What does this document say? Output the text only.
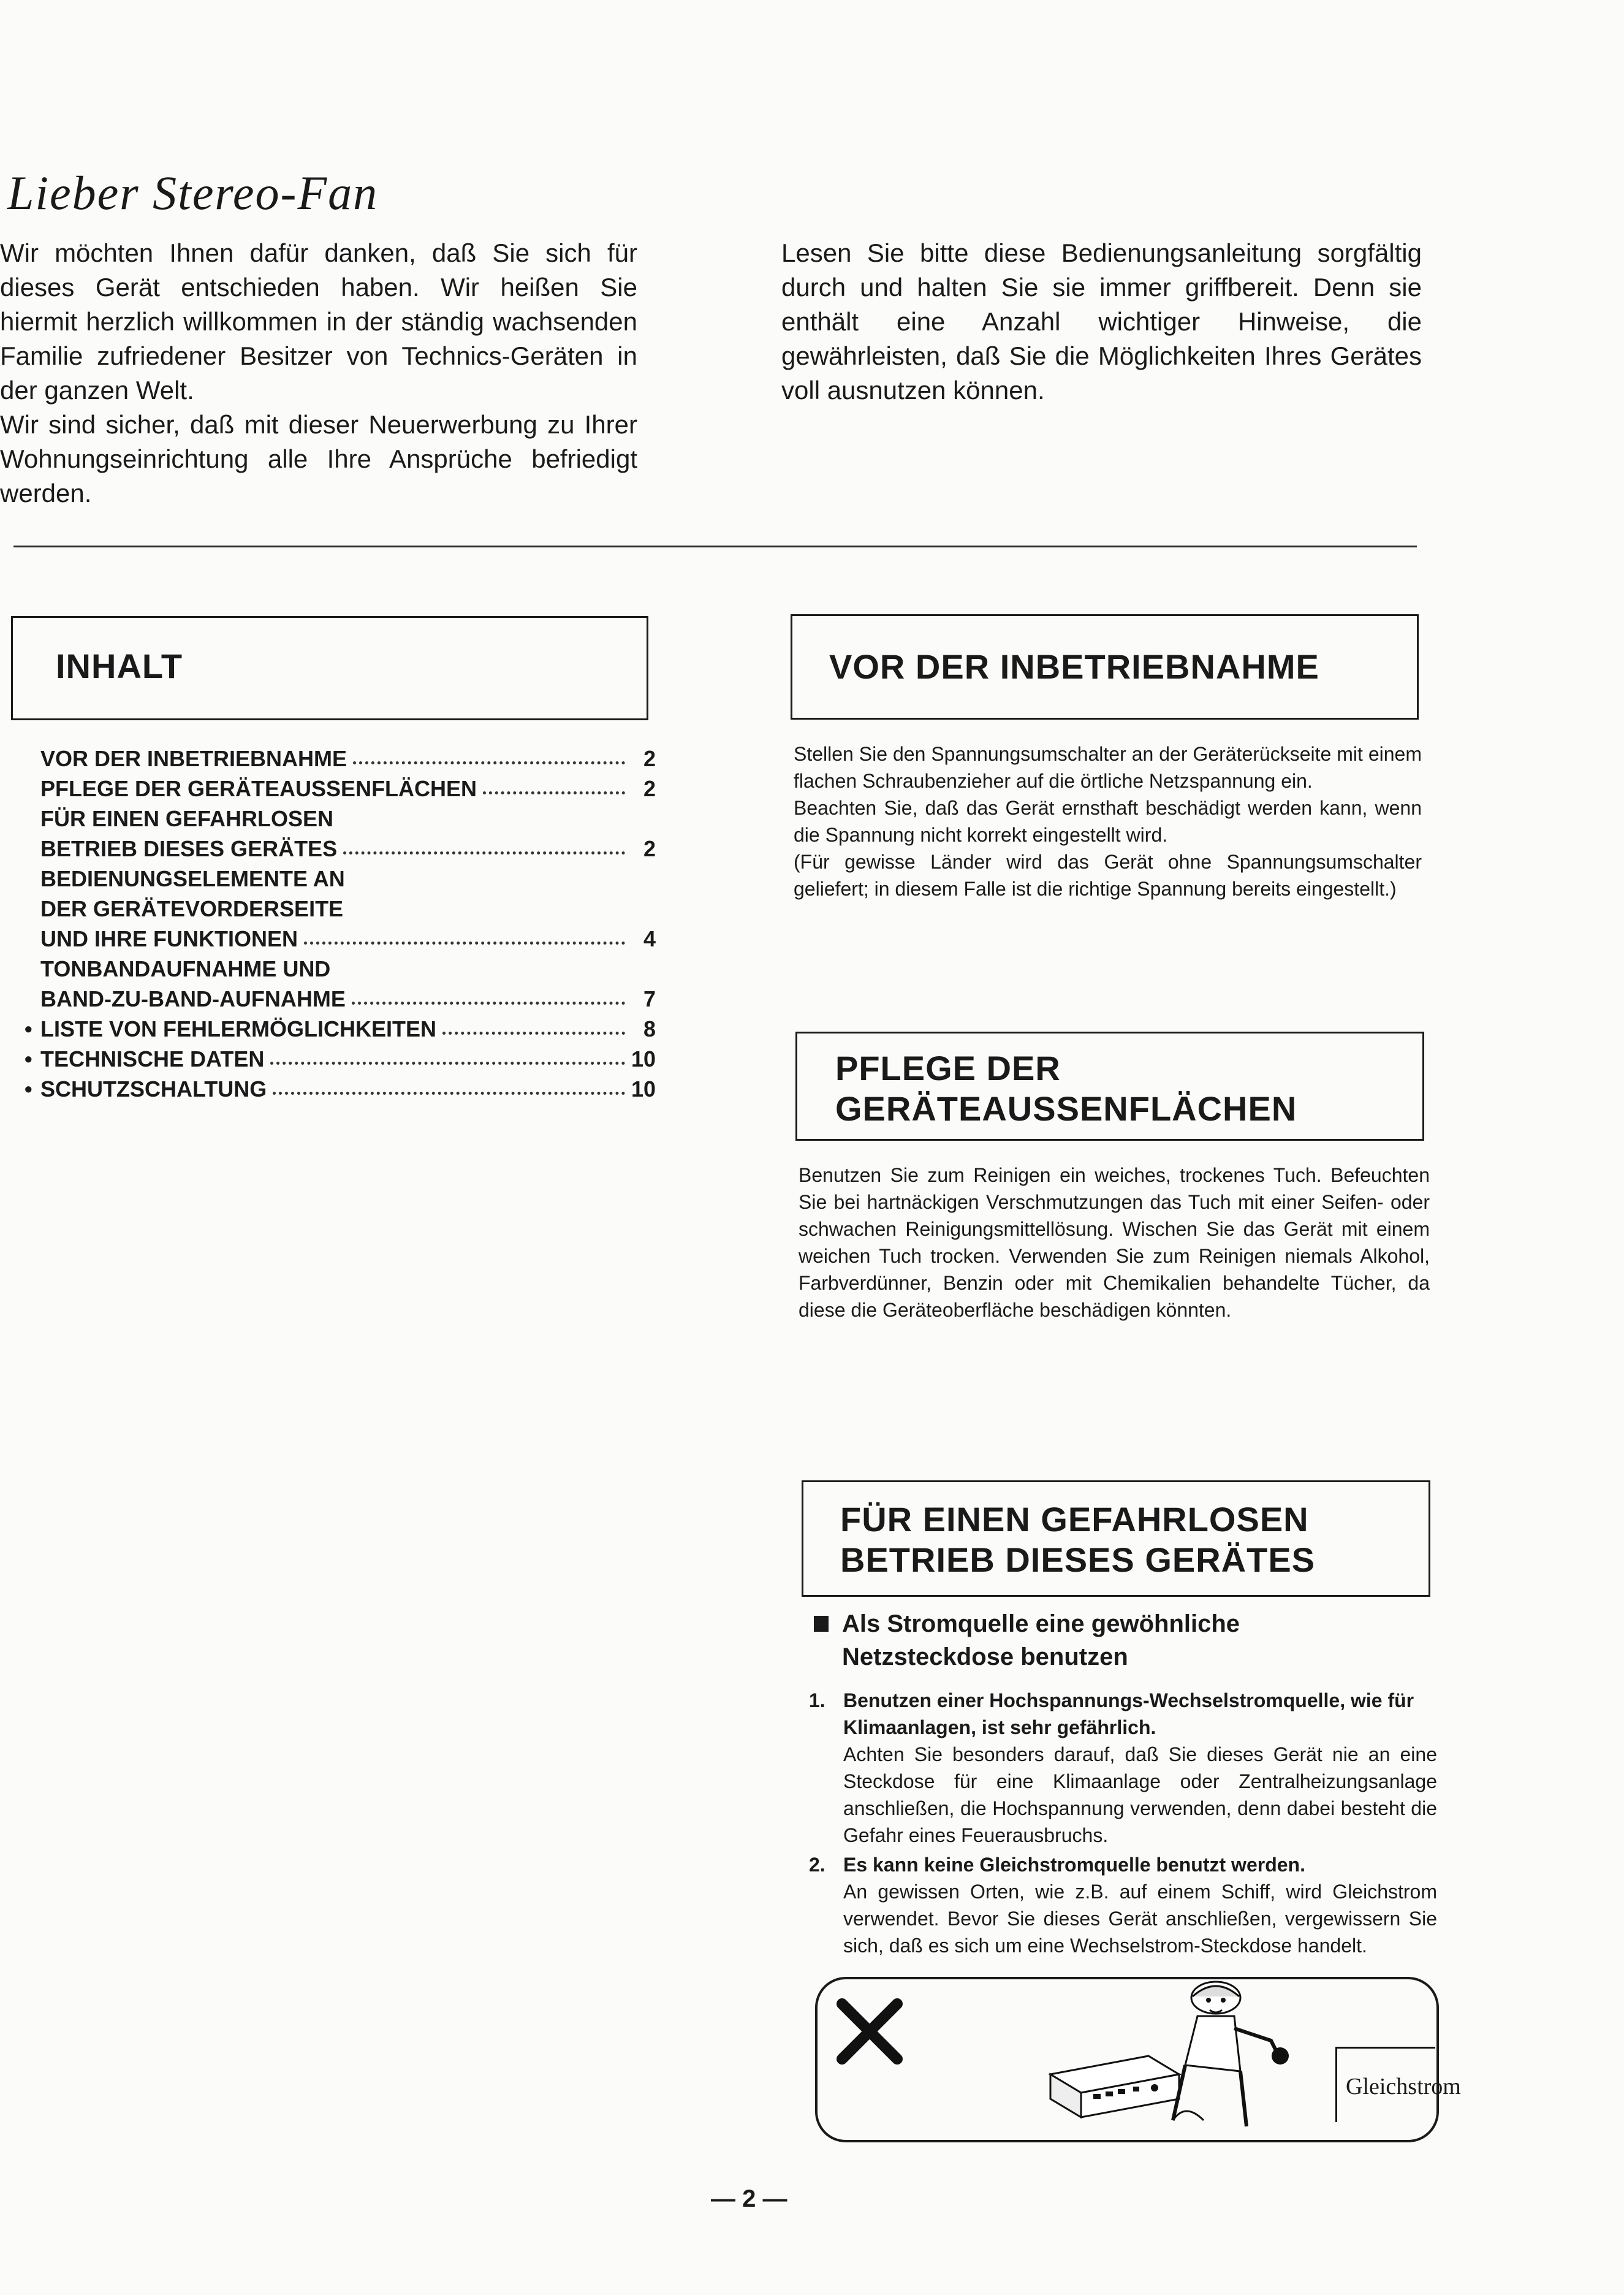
Lieber Stereo-Fan

Wir möchten Ihnen dafür danken, daß Sie sich für dieses Gerät entschieden haben. Wir heißen Sie hiermit herzlich willkommen in der ständig wachsenden Familie zufriedener Besitzer von Technics-Geräten in der ganzen Welt.

Wir sind sicher, daß mit dieser Neuerwerbung zu Ihrer Wohnungseinrichtung alle Ihre Ansprüche befriedigt werden.

Lesen Sie bitte diese Bedienungsanleitung sorgfältig durch und halten Sie sie immer griffbereit. Denn sie enthält eine Anzahl wichtiger Hinweise, die gewährleisten, daß Sie die Möglichkeiten Ihres Gerätes voll ausnutzen können.

INHALT
VOR DER INBETRIEBNAHME	2
PFLEGE DER GERÄTEAUSSENFLÄCHEN	2
FÜR EINEN GEFAHRLOSEN
BETRIEB DIESES GERÄTES	2
BEDIENUNGSELEMENTE AN
DER GERÄTEVORDERSEITE
UND IHRE FUNKTIONEN	4
TONBANDAUFNAHME UND
BAND-ZU-BAND-AUFNAHME	7
• LISTE VON FEHLERMÖGLICHKEITEN	8
• TECHNISCHE DATEN	10
• SCHUTZSCHALTUNG	10
VOR DER INBETRIEBNAHME

Stellen Sie den Spannungsumschalter an der Geräterückseite mit einem flachen Schraubenzieher auf die örtliche Netzspannung ein.

Beachten Sie, daß das Gerät ernsthaft beschädigt werden kann, wenn die Spannung nicht korrekt eingestellt wird.

(Für gewisse Länder wird das Gerät ohne Spannungsumschalter geliefert; in diesem Falle ist die richtige Spannung bereits eingestellt.)

PFLEGE DER
GERÄTEAUSSENFLÄCHEN

Benutzen Sie zum Reinigen ein weiches, trockenes Tuch. Befeuchten Sie bei hartnäckigen Verschmutzungen das Tuch mit einer Seifen- oder schwachen Reinigungsmittellösung. Wischen Sie das Gerät mit einem weichen Tuch trocken. Verwenden Sie zum Reinigen niemals Alkohol, Farbverdünner, Benzin oder mit Chemikalien behandelte Tücher, da diese die Geräteoberfläche beschädigen könnten.

FÜR EINEN GEFAHRLOSEN
BETRIEB DIESES GERÄTES
Als Stromquelle eine gewöhnliche Netzsteckdose benutzen
1. Benutzen einer Hochspannungs-Wechselstromquelle, wie für Klimaanlagen, ist sehr gefährlich.
Achten Sie besonders darauf, daß Sie dieses Gerät nie an eine Steckdose für eine Klimaanlage oder Zentralheizungsanlage anschließen, die Hochspannung verwenden, denn dabei besteht die Gefahr eines Feuerausbruchs.
2. Es kann keine Gleichstromquelle benutzt werden.
An gewissen Orten, wie z.B. auf einem Schiff, wird Gleichstrom verwendet. Bevor Sie dieses Gerät anschließen, vergewissern Sie sich, daß es sich um eine Wechselstrom-Steckdose handelt.
Gleichstrom
— 2 —
